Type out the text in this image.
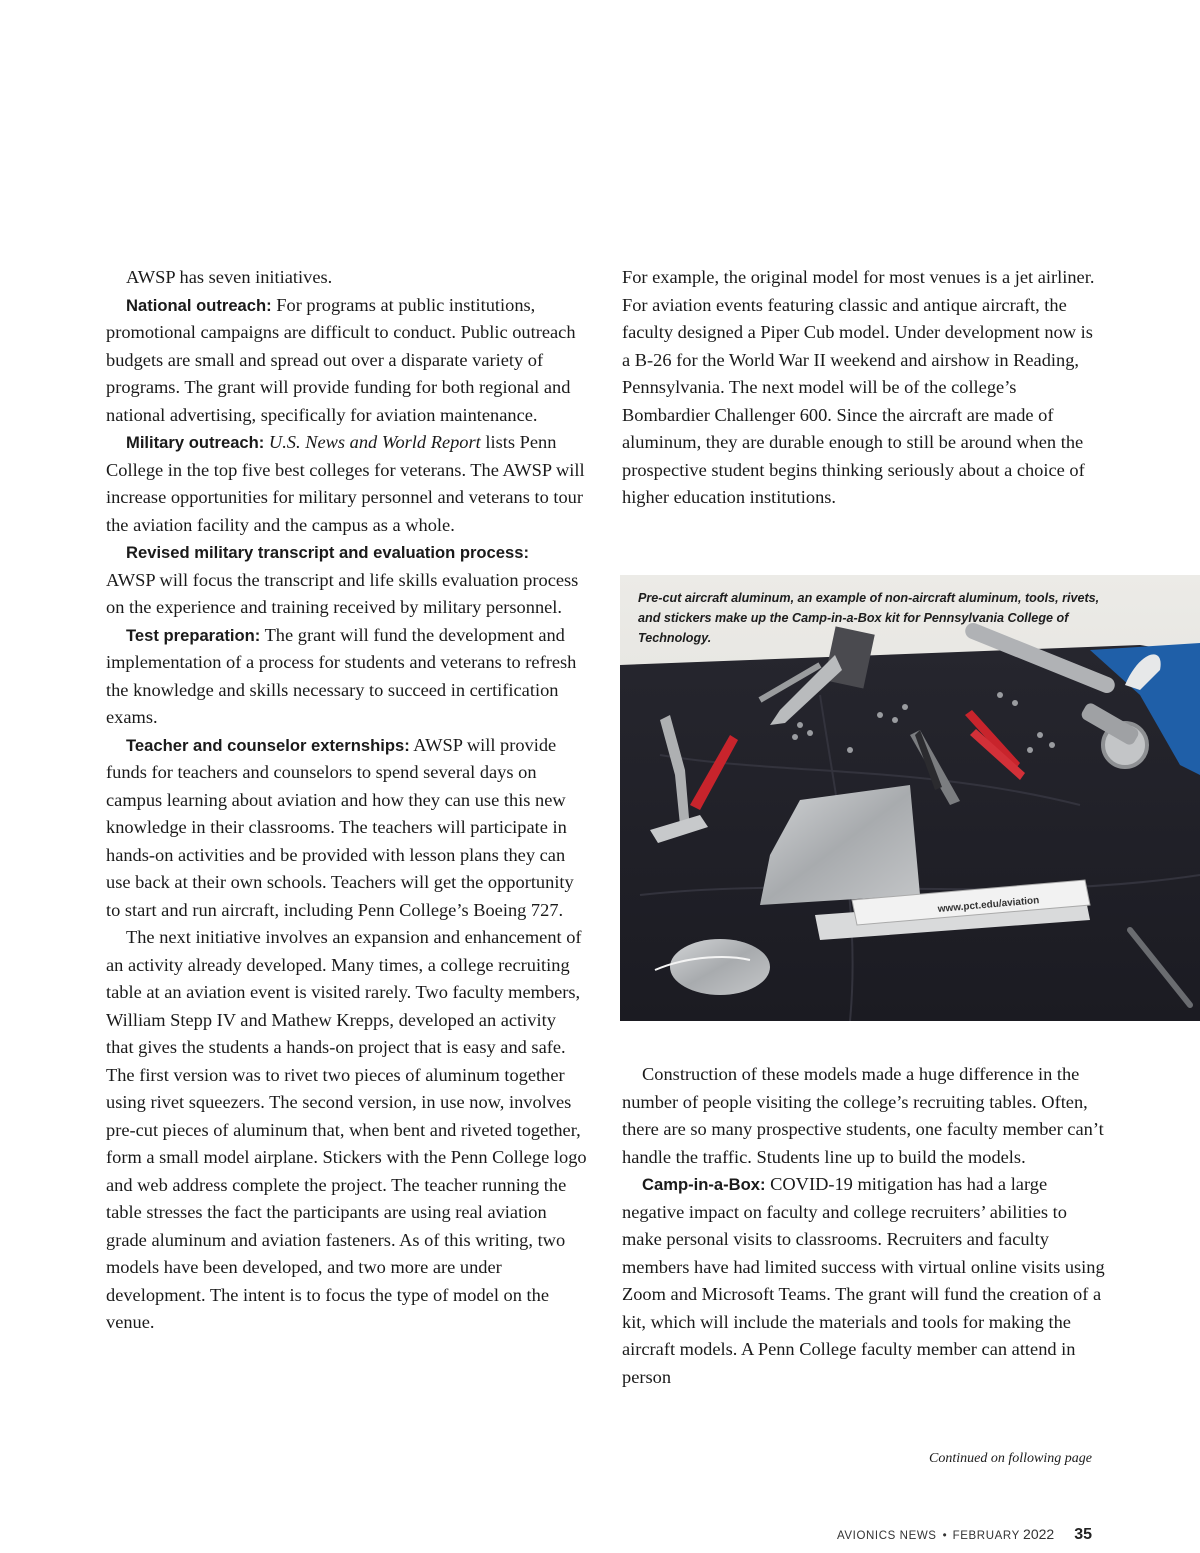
AWSP has seven initiatives.

National outreach: For programs at public institutions, promotional campaigns are difficult to conduct. Public outreach budgets are small and spread out over a disparate variety of programs. The grant will provide funding for both regional and national advertising, specifically for aviation maintenance.

Military outreach: U.S. News and World Report lists Penn College in the top five best colleges for veterans. The AWSP will increase opportunities for military personnel and veterans to tour the aviation facility and the campus as a whole.

Revised military transcript and evaluation process:
AWSP will focus the transcript and life skills evaluation process on the experience and training received by military personnel.

Test preparation: The grant will fund the development and implementation of a process for students and veterans to refresh the knowledge and skills necessary to succeed in certification exams.

Teacher and counselor externships: AWSP will provide funds for teachers and counselors to spend several days on campus learning about aviation and how they can use this new knowledge in their classrooms. The teachers will participate in hands-on activities and be provided with lesson plans they can use back at their own schools. Teachers will get the opportunity to start and run aircraft, including Penn College’s Boeing 727.

The next initiative involves an expansion and enhancement of an activity already developed. Many times, a college recruiting table at an aviation event is visited rarely. Two faculty members, William Stepp IV and Mathew Krepps, developed an activity that gives the students a hands-on project that is easy and safe. The first version was to rivet two pieces of aluminum together using rivet squeezers. The second version, in use now, involves pre-cut pieces of aluminum that, when bent and riveted together, form a small model airplane. Stickers with the Penn College logo and web address complete the project. The teacher running the table stresses the fact the participants are using real aviation grade aluminum and aviation fasteners. As of this writing, two models have been developed, and two more are under development. The intent is to focus the type of model on the venue.

For example, the original model for most venues is a jet airliner. For aviation events featuring classic and antique aircraft, the faculty designed a Piper Cub model. Under development now is a B-26 for the World War II weekend and airshow in Reading, Pennsylvania. The next model will be of the college’s Bombardier Challenger 600. Since the aircraft are made of aluminum, they are durable enough to still be around when the prospective student begins thinking seriously about a choice of higher education institutions.

www.pct.edu/aviation
Pre-cut aircraft aluminum, an example of non-aircraft aluminum, tools, rivets, and stickers make up the Camp-in-a-Box kit for Pennsylvania College of Technology.

Construction of these models made a huge difference in the number of people visiting the college’s recruiting tables. Often, there are so many prospective students, one faculty member can’t handle the traffic. Students line up to build the models.

Camp-in-a-Box: COVID-19 mitigation has had a large negative impact on faculty and college recruiters’ abilities to make personal visits to classrooms. Recruiters and faculty members have had limited success with virtual online visits using Zoom and Microsoft Teams. The grant will fund the creation of a kit, which will include the materials and tools for making the aircraft models. A Penn College faculty member can attend in person

Continued on following page
AVIONICS NEWS • FEBRUARY 2022 35
